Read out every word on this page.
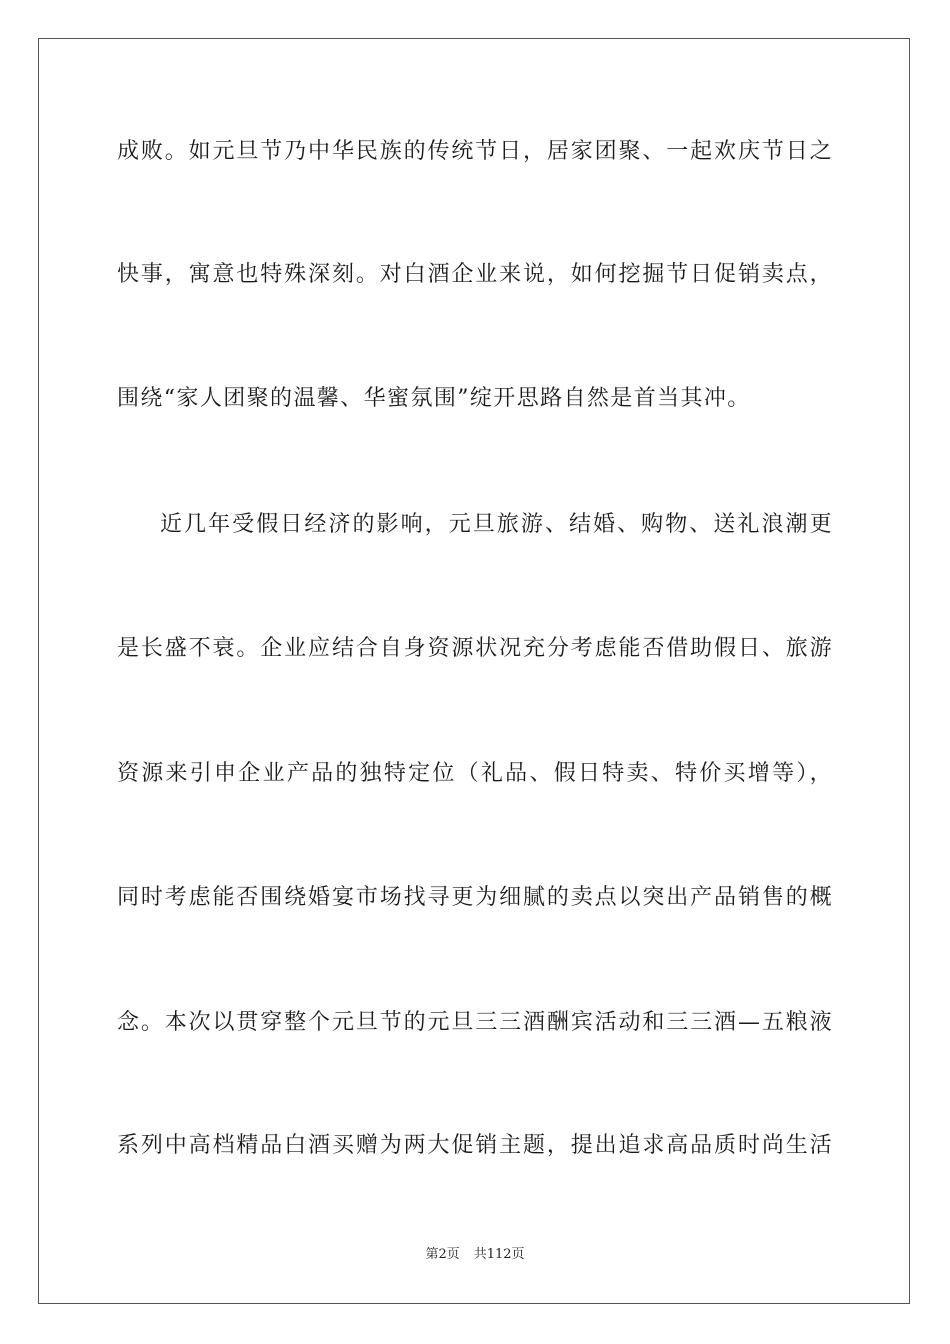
成败。如元旦节乃中华民族的传统节日，居家团聚、一起欢庆节日之
快事，寓意也特殊深刻。对白酒企业来说，如何挖掘节日促销卖点，
围绕“家人团聚的温馨、华蜜氛围”绽开思路自然是首当其冲。
近几年受假日经济的影响，元旦旅游、结婚、购物、送礼浪潮更
是长盛不衰。企业应结合自身资源状况充分考虑能否借助假日、旅游
资源来引申企业产品的独特定位（礼品、假日特卖、特价买增等），
同时考虑能否围绕婚宴市场找寻更为细腻的卖点以突出产品销售的概
念。本次以贯穿整个元旦节的元旦三三酒酬宾活动和三三酒—五粮液
系列中高档精品白酒买赠为两大促销主题，提出追求高品质时尚生活
第2页 共112页
